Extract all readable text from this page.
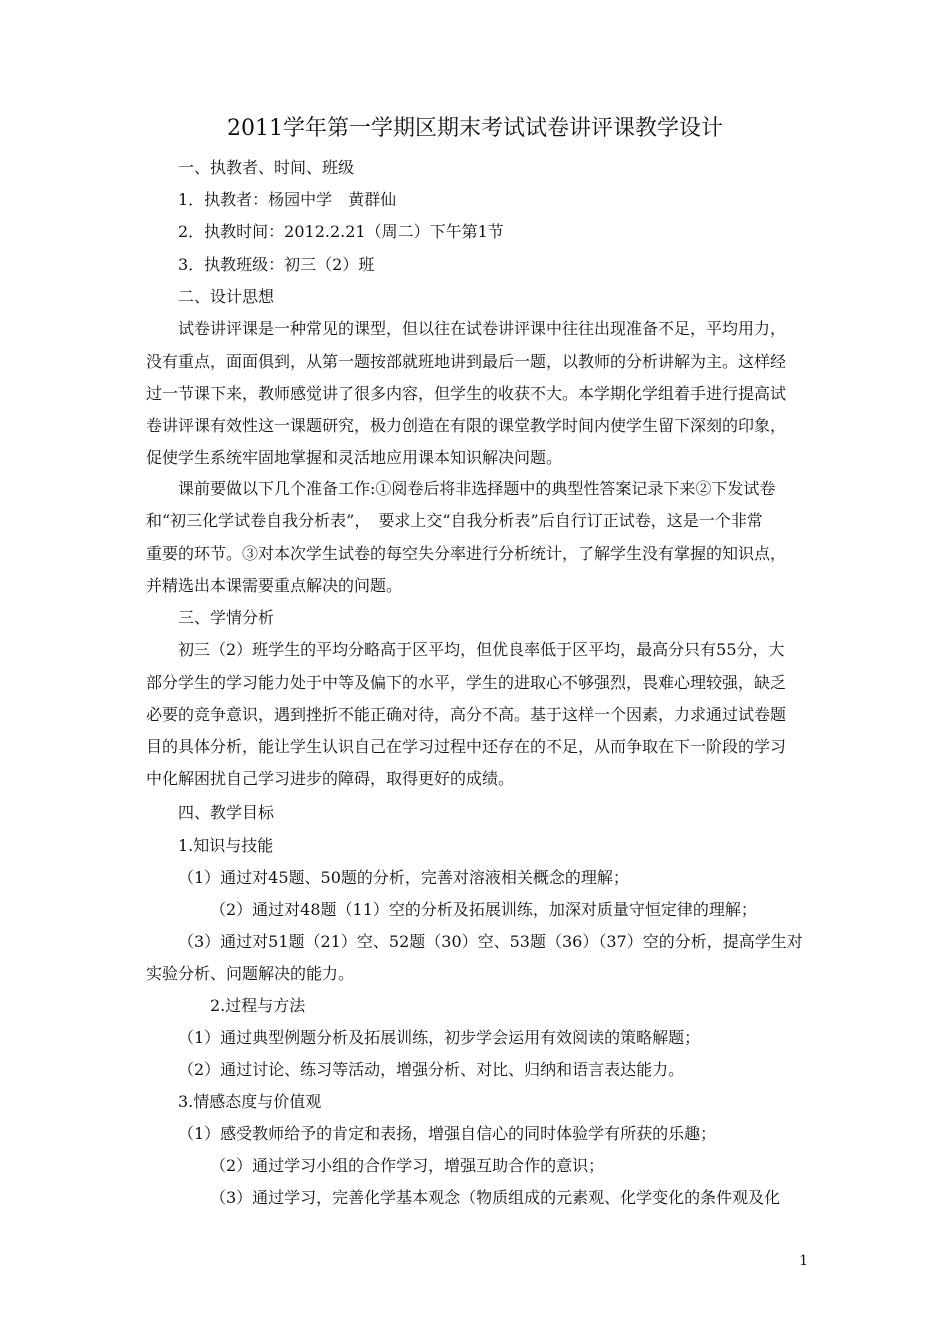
2011学年第一学期区期末考试试卷讲评课教学设计
一、执教者、时间、班级
1．执教者：杨园中学　黄群仙
2．执教时间：2012.2.21（周二）下午第1节
3．执教班级：初三（2）班
二、设计思想
试卷讲评课是一种常见的课型，但以往在试卷讲评课中往往出现准备不足，平均用力，
没有重点，面面俱到，从第一题按部就班地讲到最后一题，以教师的分析讲解为主。这样经
过一节课下来，教师感觉讲了很多内容，但学生的收获不大。本学期化学组着手进行提高试
卷讲评课有效性这一课题研究，极力创造在有限的课堂教学时间内使学生留下深刻的印象，
促使学生系统牢固地掌握和灵活地应用课本知识解决问题。
课前要做以下几个准备工作:①阅卷后将非选择题中的典型性答案记录下来②下发试卷
和“初三化学试卷自我分析表”，　要求上交“自我分析表”后自行订正试卷，这是一个非常
重要的环节。③对本次学生试卷的每空失分率进行分析统计，了解学生没有掌握的知识点，
并精选出本课需要重点解决的问题。
三、学情分析
初三（2）班学生的平均分略高于区平均，但优良率低于区平均，最高分只有55分，大
部分学生的学习能力处于中等及偏下的水平，学生的进取心不够强烈，畏难心理较强，缺乏
必要的竞争意识，遇到挫折不能正确对待，高分不高。基于这样一个因素，力求通过试卷题
目的具体分析，能让学生认识自己在学习过程中还存在的不足，从而争取在下一阶段的学习
中化解困扰自己学习进步的障碍，取得更好的成绩。
四、教学目标
1.知识与技能
（1）通过对45题、50题的分析，完善对溶液相关概念的理解；
（2）通过对48题（11）空的分析及拓展训练，加深对质量守恒定律的理解；
（3）通过对51题（21）空、52题（30）空、53题（36）（37）空的分析，提高学生对
实验分析、问题解决的能力。
2.过程与方法
（1）通过典型例题分析及拓展训练，初步学会运用有效阅读的策略解题；
（2）通过讨论、练习等活动，增强分析、对比、归纳和语言表达能力。
3.情感态度与价值观
（1）感受教师给予的肯定和表扬，增强自信心的同时体验学有所获的乐趣；
（2）通过学习小组的合作学习，增强互助合作的意识；
（3）通过学习，完善化学基本观念（物质组成的元素观、化学变化的条件观及化
1
